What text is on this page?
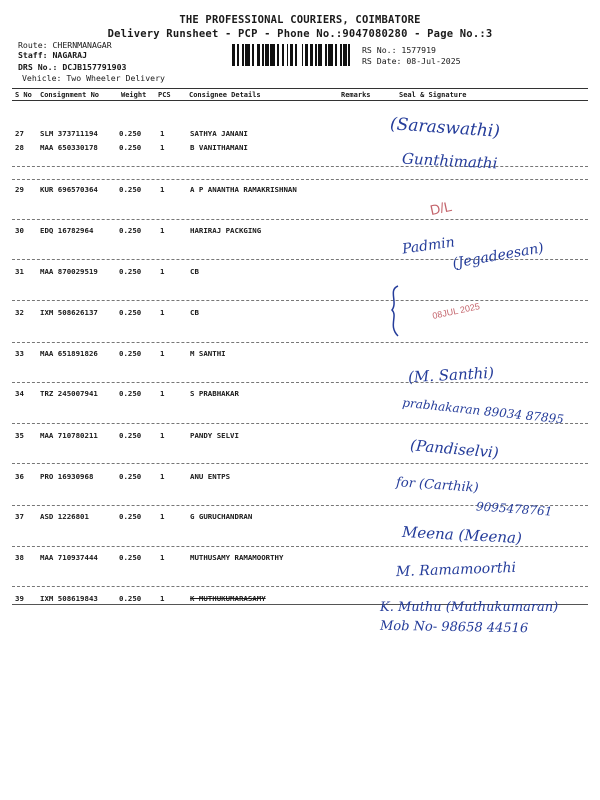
THE PROFESSIONAL COURIERS, COIMBATORE
Delivery Runsheet - PCP - Phone No.:9047080280 - Page No.:3
Route: CHERNMANAGAR
Staff: NAGARAJ
DRS No.: DCJB157791903
Vehicle: Two Wheeler Delivery
RS No.: 1577919
RS Date: 08-Jul-2025
S No Consignment No	Weight PCS	Consignee Details	Remarks	Seal & Signature
27 SLM 373711194	0.250	1	SATHYA JANANI
28 MAA 650330178	0.250	1	B VANITHAMANI
29 KUR 696570364	0.250	1	A P ANANTHA RAMAKRISHNAN
30 EDQ 16782964	0.250	1	HARIRAJ PACKGING
31 MAA 870029519	0.250	1	CB
32 IXM 508626137	0.250	1	CB
33 MAA 651891826	0.250	1	M SANTHI
34 TRZ 245007941	0.250	1	S PRABHAKAR
35 MAA 710780211	0.250	1	PANDY SELVI
36 PRO 16930968	0.250	1	ANU ENTPS
37 ASD 1226801	0.250	1	G GURUCHANDRAN
38 MAA 710937444	0.250	1	MUTHUSAMY RAMAMOORTHY
39 IXM 508619843	0.250	1	K MUTHUKUMARASAMY
(Saraswathi)
Gunthimathi
D/L
Padmin
(Jegadeesan)
08JUL 2025
(M. Santhi)
prabhakaran 89034 87895
(Pandiselvi)
for (Carthik)
9095478761
Meena (Meena)
M. Ramamoorthi
K. Muthu (Muthukumaran)
Mob No- 98658 44516
